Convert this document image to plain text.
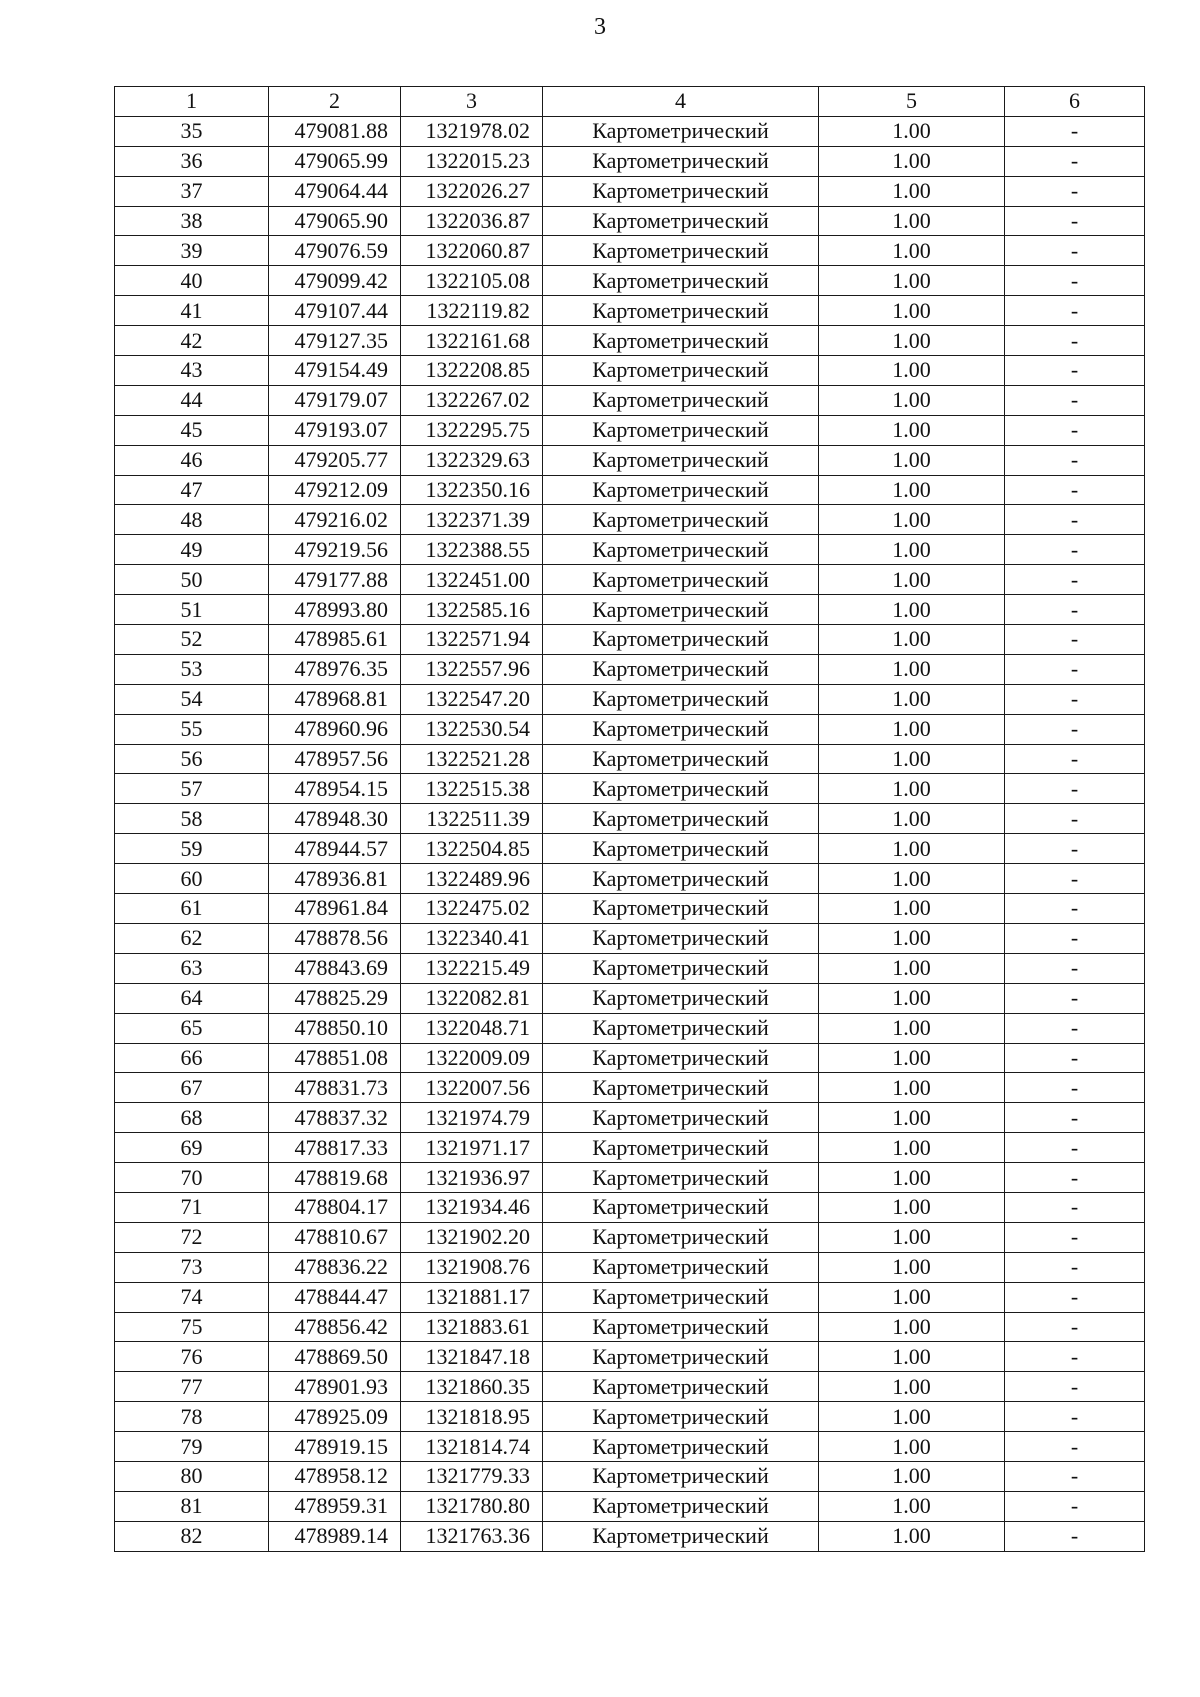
3
1	2	3	4	5	6
35	479081.88	1321978.02	Картометрический	1.00	-
36	479065.99	1322015.23	Картометрический	1.00	-
37	479064.44	1322026.27	Картометрический	1.00	-
38	479065.90	1322036.87	Картометрический	1.00	-
39	479076.59	1322060.87	Картометрический	1.00	-
40	479099.42	1322105.08	Картометрический	1.00	-
41	479107.44	1322119.82	Картометрический	1.00	-
42	479127.35	1322161.68	Картометрический	1.00	-
43	479154.49	1322208.85	Картометрический	1.00	-
44	479179.07	1322267.02	Картометрический	1.00	-
45	479193.07	1322295.75	Картометрический	1.00	-
46	479205.77	1322329.63	Картометрический	1.00	-
47	479212.09	1322350.16	Картометрический	1.00	-
48	479216.02	1322371.39	Картометрический	1.00	-
49	479219.56	1322388.55	Картометрический	1.00	-
50	479177.88	1322451.00	Картометрический	1.00	-
51	478993.80	1322585.16	Картометрический	1.00	-
52	478985.61	1322571.94	Картометрический	1.00	-
53	478976.35	1322557.96	Картометрический	1.00	-
54	478968.81	1322547.20	Картометрический	1.00	-
55	478960.96	1322530.54	Картометрический	1.00	-
56	478957.56	1322521.28	Картометрический	1.00	-
57	478954.15	1322515.38	Картометрический	1.00	-
58	478948.30	1322511.39	Картометрический	1.00	-
59	478944.57	1322504.85	Картометрический	1.00	-
60	478936.81	1322489.96	Картометрический	1.00	-
61	478961.84	1322475.02	Картометрический	1.00	-
62	478878.56	1322340.41	Картометрический	1.00	-
63	478843.69	1322215.49	Картометрический	1.00	-
64	478825.29	1322082.81	Картометрический	1.00	-
65	478850.10	1322048.71	Картометрический	1.00	-
66	478851.08	1322009.09	Картометрический	1.00	-
67	478831.73	1322007.56	Картометрический	1.00	-
68	478837.32	1321974.79	Картометрический	1.00	-
69	478817.33	1321971.17	Картометрический	1.00	-
70	478819.68	1321936.97	Картометрический	1.00	-
71	478804.17	1321934.46	Картометрический	1.00	-
72	478810.67	1321902.20	Картометрический	1.00	-
73	478836.22	1321908.76	Картометрический	1.00	-
74	478844.47	1321881.17	Картометрический	1.00	-
75	478856.42	1321883.61	Картометрический	1.00	-
76	478869.50	1321847.18	Картометрический	1.00	-
77	478901.93	1321860.35	Картометрический	1.00	-
78	478925.09	1321818.95	Картометрический	1.00	-
79	478919.15	1321814.74	Картометрический	1.00	-
80	478958.12	1321779.33	Картометрический	1.00	-
81	478959.31	1321780.80	Картометрический	1.00	-
82	478989.14	1321763.36	Картометрический	1.00	-
